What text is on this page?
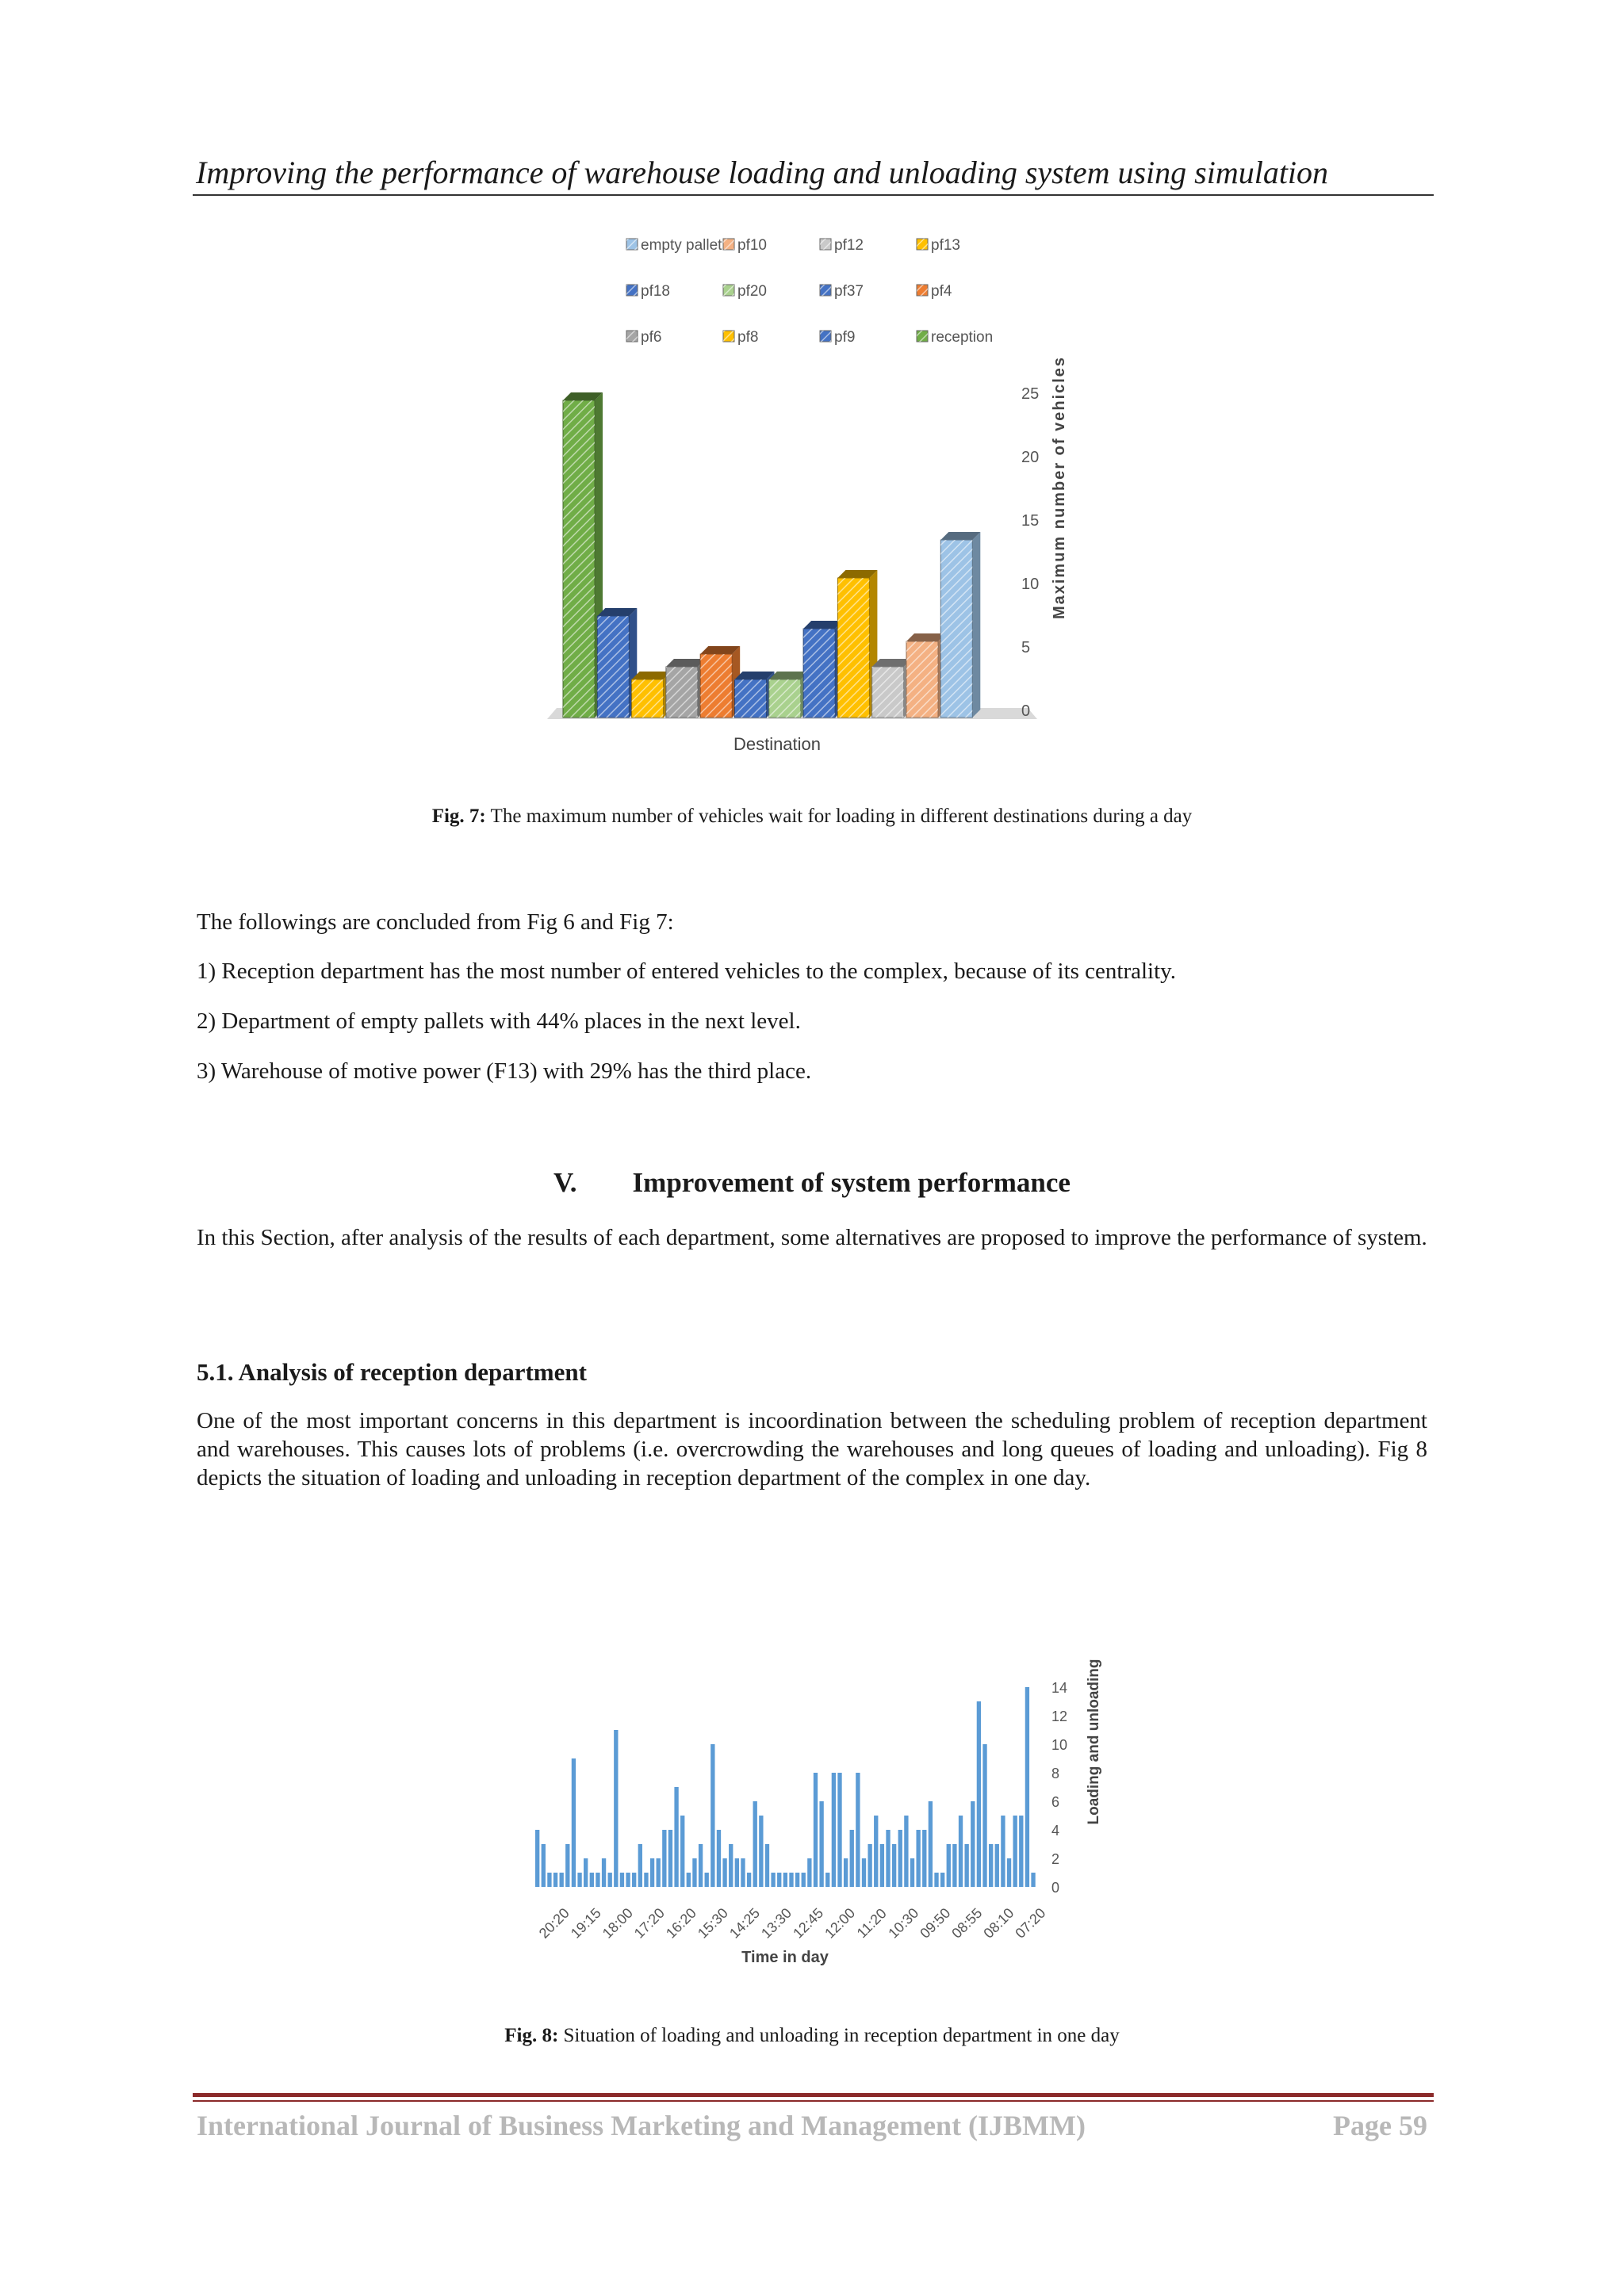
Improving the performance of warehouse loading and unloading system using simulation
empty pallet pf10	pf12	pf13
pf18	pf20	pf37	pf4
pf6	pf8	pf9	reception
0
5
10
15
20
25 Maximum number of vehicles
Destination
Fig. 7: The maximum number of vehicles wait for loading in different destinations during a day
The followings are concluded from Fig 6 and Fig 7:
1) Reception department has the most number of entered vehicles to the complex, because of its centrality.
2) Department of empty pallets with 44% places in the next level.
3) Warehouse of motive power (F13) with 29% has the third place.
V. Improvement of system performance
In this Section, after analysis of the results of each department, some alternatives are proposed to improve the performance of system.
5.1. Analysis of reception department
One of the most important concerns in this department is incoordination between the scheduling problem of reception department and warehouses. This causes lots of problems (i.e. overcrowding the warehouses and long queues of loading and unloading). Fig 8 depicts the situation of loading and unloading in reception department of the complex in one day.
0
2
4
6
8
10
12
14
20:20
19:15
18:00
17:20
16:20
15:30
14:25
13:30
12:45
12:00
11:20
10:30
09:50
08:55
08:10
07:20
Loading and unloading
Time in day
Fig. 8: Situation of loading and unloading in reception department in one day
International Journal of Business Marketing and Management (IJBMM)	Page 59
